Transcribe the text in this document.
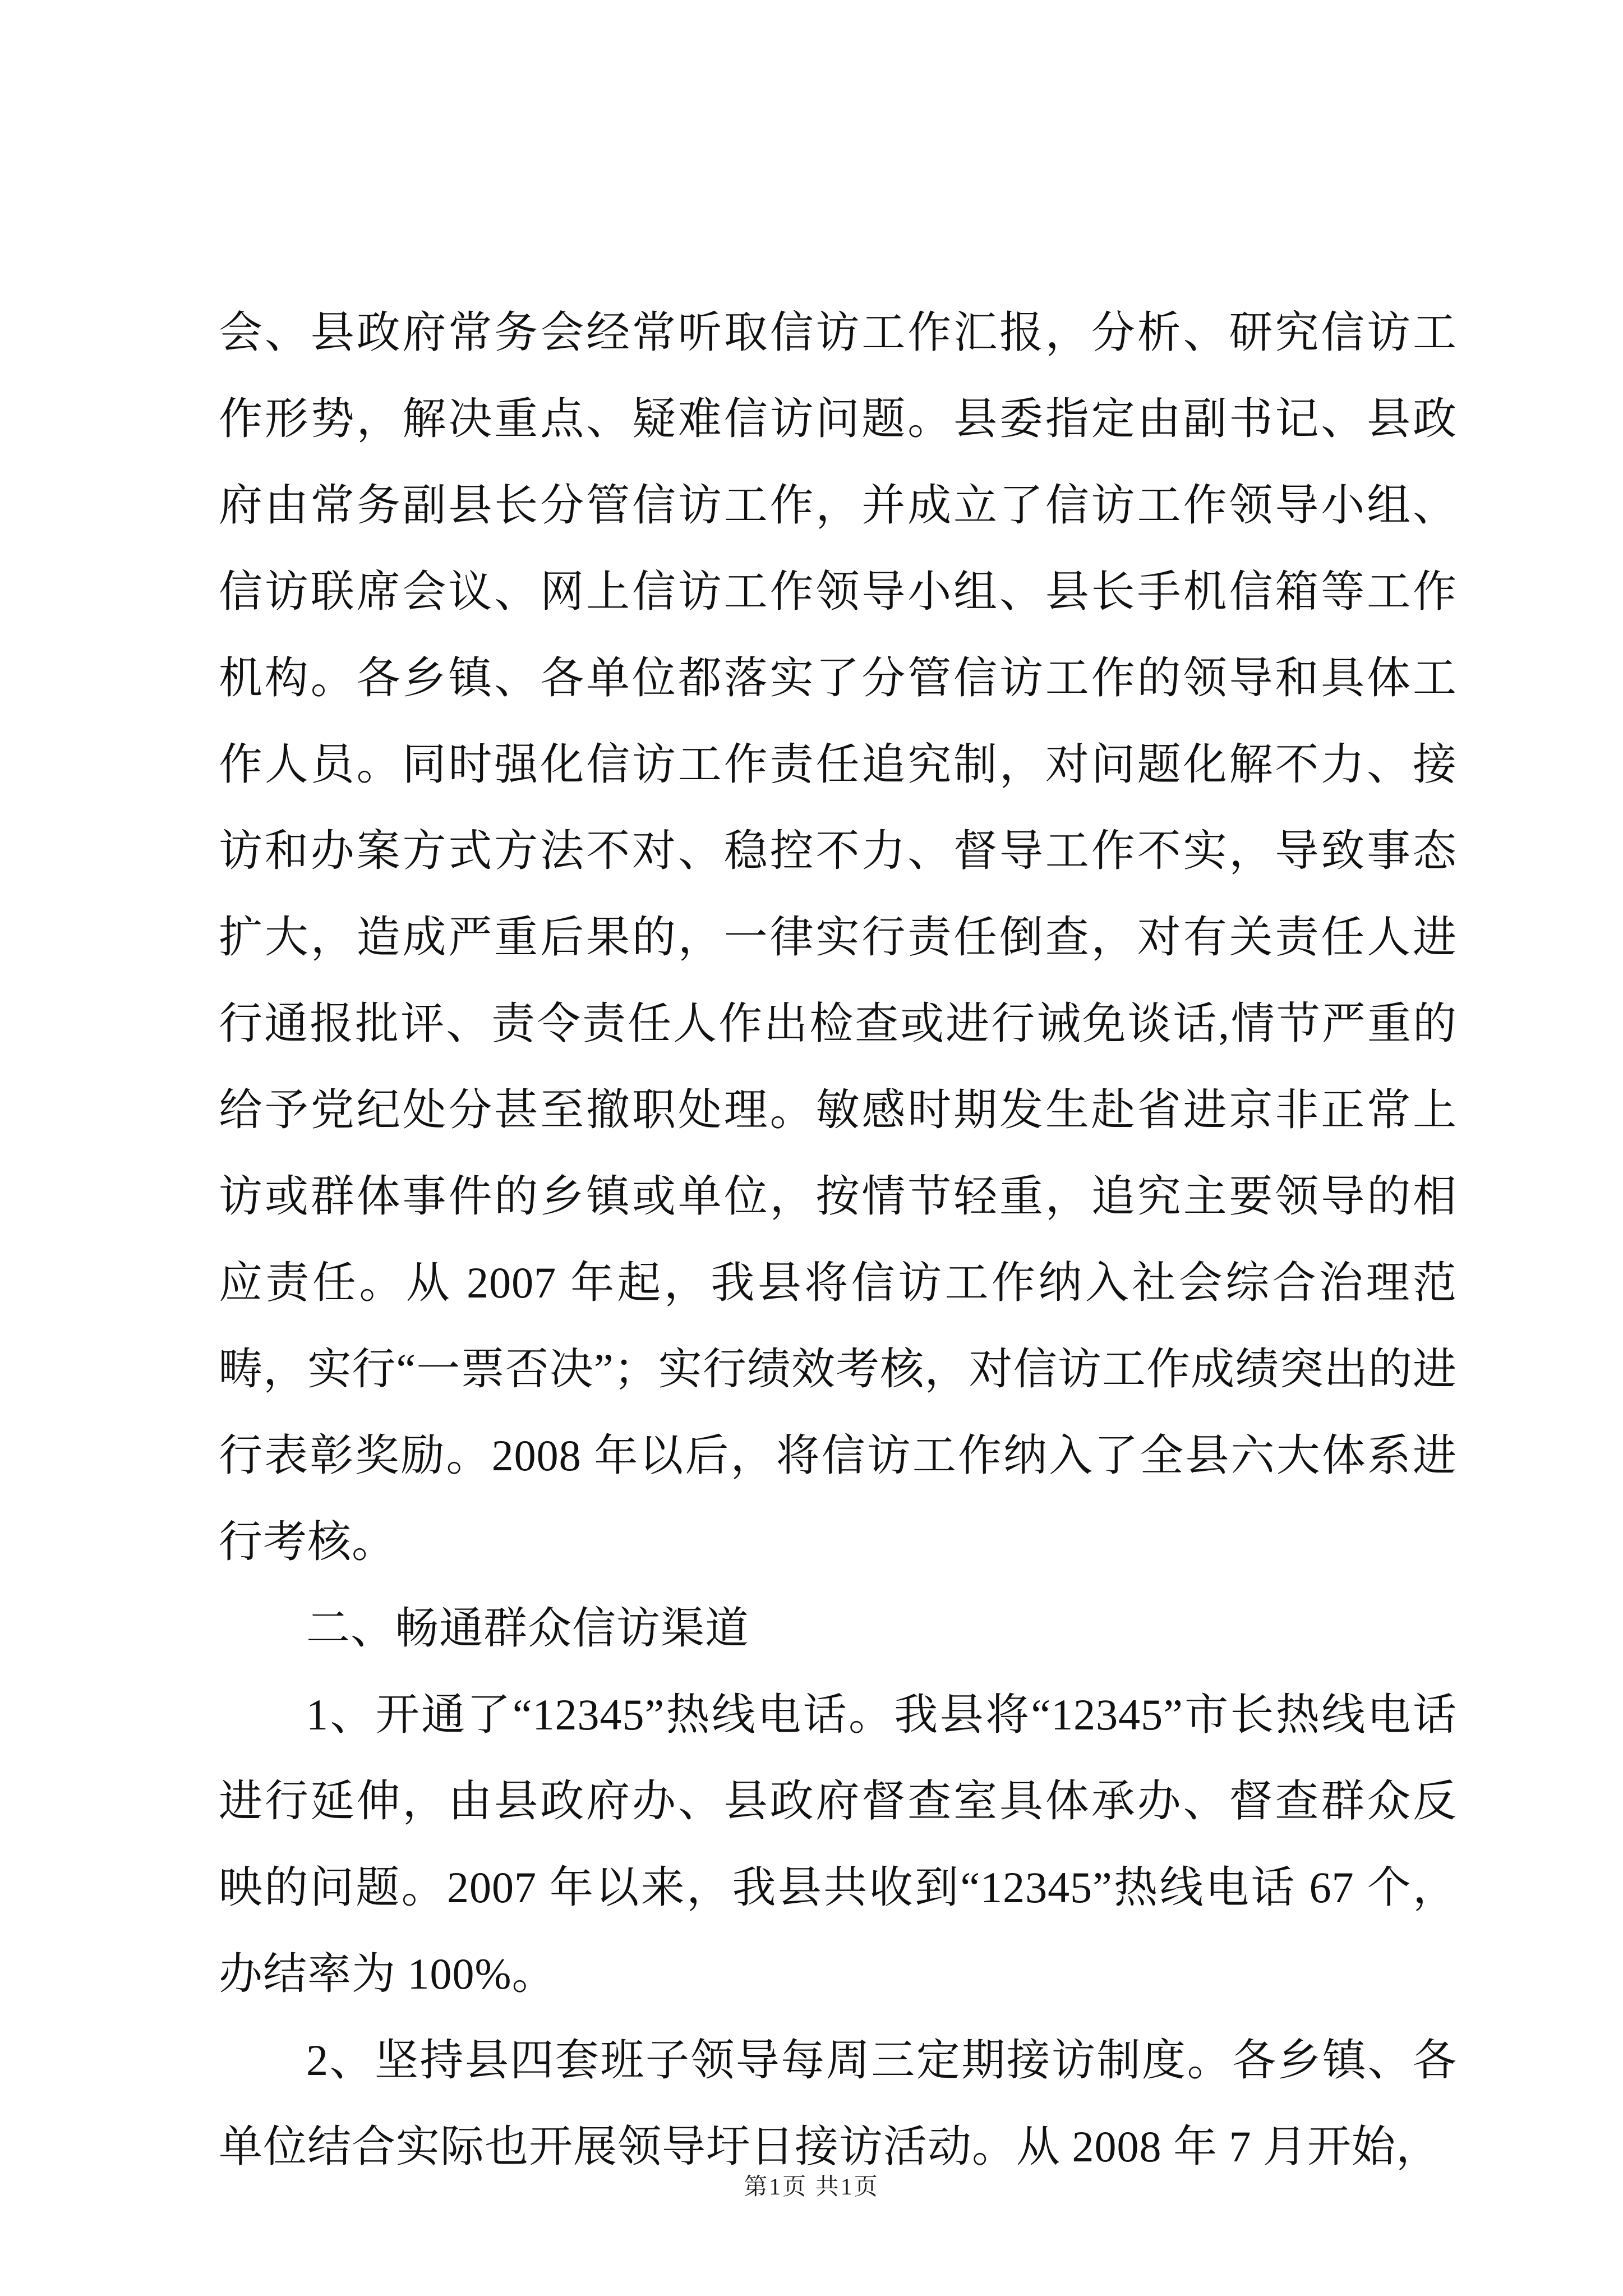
会、县政府常务会经常听取信访工作汇报，分析、研究信访工作形势，解决重点、疑难信访问题。县委指定由副书记、县政府由常务副县长分管信访工作，并成立了信访工作领导小组、信访联席会议、网上信访工作领导小组、县长手机信箱等工作机构。各乡镇、各单位都落实了分管信访工作的领导和具体工作人员。同时强化信访工作责任追究制，对问题化解不力、接访和办案方式方法不对、稳控不力、督导工作不实，导致事态扩大，造成严重后果的，一律实行责任倒查，对有关责任人进行通报批评、责令责任人作出检查或进行诫免谈话,情节严重的给予党纪处分甚至撤职处理。敏感时期发生赴省进京非正常上访或群体事件的乡镇或单位，按情节轻重，追究主要领导的相应责任。从 2007 年起，我县将信访工作纳入社会综合治理范畴，实行“一票否决”；实行绩效考核，对信访工作成绩突出的进行表彰奖励。2008 年以后，将信访工作纳入了全县六大体系进行考核。

二、畅通群众信访渠道

1、开通了“12345”热线电话。我县将“12345”市长热线电话进行延伸，由县政府办、县政府督查室具体承办、督查群众反映的问题。2007 年以来，我县共收到“12345”热线电话 67 个，办结率为 100%。

2、坚持县四套班子领导每周三定期接访制度。各乡镇、各单位结合实际也开展领导圩日接访活动。从 2008 年 7 月开始，

第1页 共1页
